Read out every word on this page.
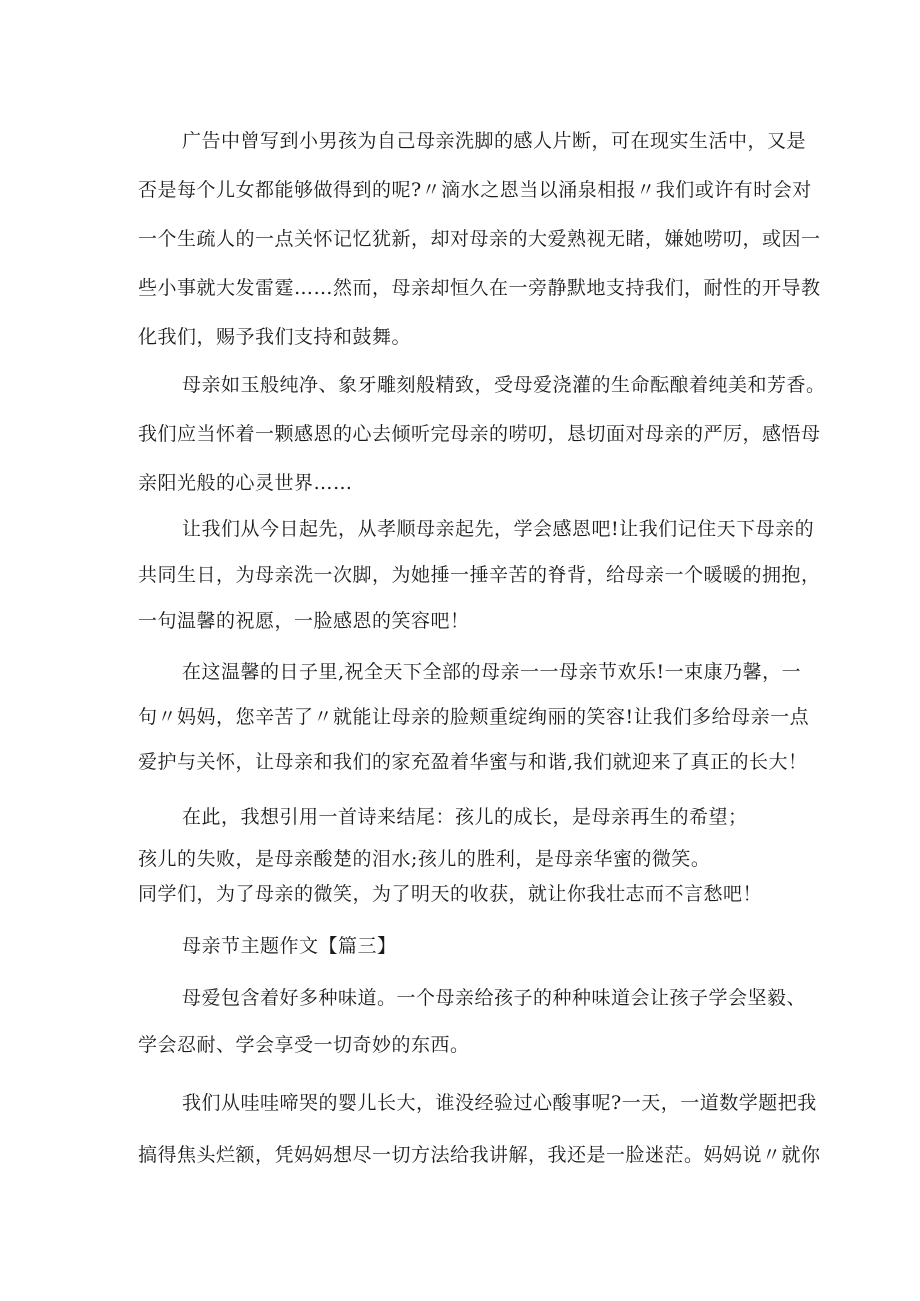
广告中曾写到小男孩为自己母亲洗脚的感人片断，可在现实生活中，又是
否是每个儿女都能够做得到的呢?〃滴水之恩当以涌泉相报〃我们或许有时会对
一个生疏人的一点关怀记忆犹新，却对母亲的大爱熟视无睹，嫌她唠叨，或因一
些小事就大发雷霆……然而，母亲却恒久在一旁静默地支持我们，耐性的开导教
化我们，赐予我们支持和鼓舞。
母亲如玉般纯净、象牙雕刻般精致，受母爱浇灌的生命酝酿着纯美和芳香。
我们应当怀着一颗感恩的心去倾听完母亲的唠叨，恳切面对母亲的严厉，感悟母
亲阳光般的心灵世界……
让我们从今日起先，从孝顺母亲起先，学会感恩吧!让我们记住天下母亲的
共同生日，为母亲洗一次脚，为她捶一捶辛苦的脊背，给母亲一个暖暖的拥抱，
一句温馨的祝愿，一脸感恩的笑容吧！
在这温馨的日子里,祝全天下全部的母亲一一母亲节欢乐!一束康乃馨，一
句〃妈妈，您辛苦了〃就能让母亲的脸颊重绽绚丽的笑容!让我们多给母亲一点
爱护与关怀，让母亲和我们的家充盈着华蜜与和谐,我们就迎来了真正的长大！
在此，我想引用一首诗来结尾：孩儿的成长，是母亲再生的希望；
孩儿的失败，是母亲酸楚的泪水;孩儿的胜利，是母亲华蜜的微笑。
同学们，为了母亲的微笑，为了明天的收获，就让你我壮志而不言愁吧！
母亲节主题作文【篇三】
母爱包含着好多种味道。一个母亲给孩子的种种味道会让孩子学会坚毅、
学会忍耐、学会享受一切奇妙的东西。
我们从哇哇啼哭的婴儿长大，谁没经验过心酸事呢?一天，一道数学题把我
搞得焦头烂额，凭妈妈想尽一切方法给我讲解，我还是一脸迷茫。妈妈说〃就你
